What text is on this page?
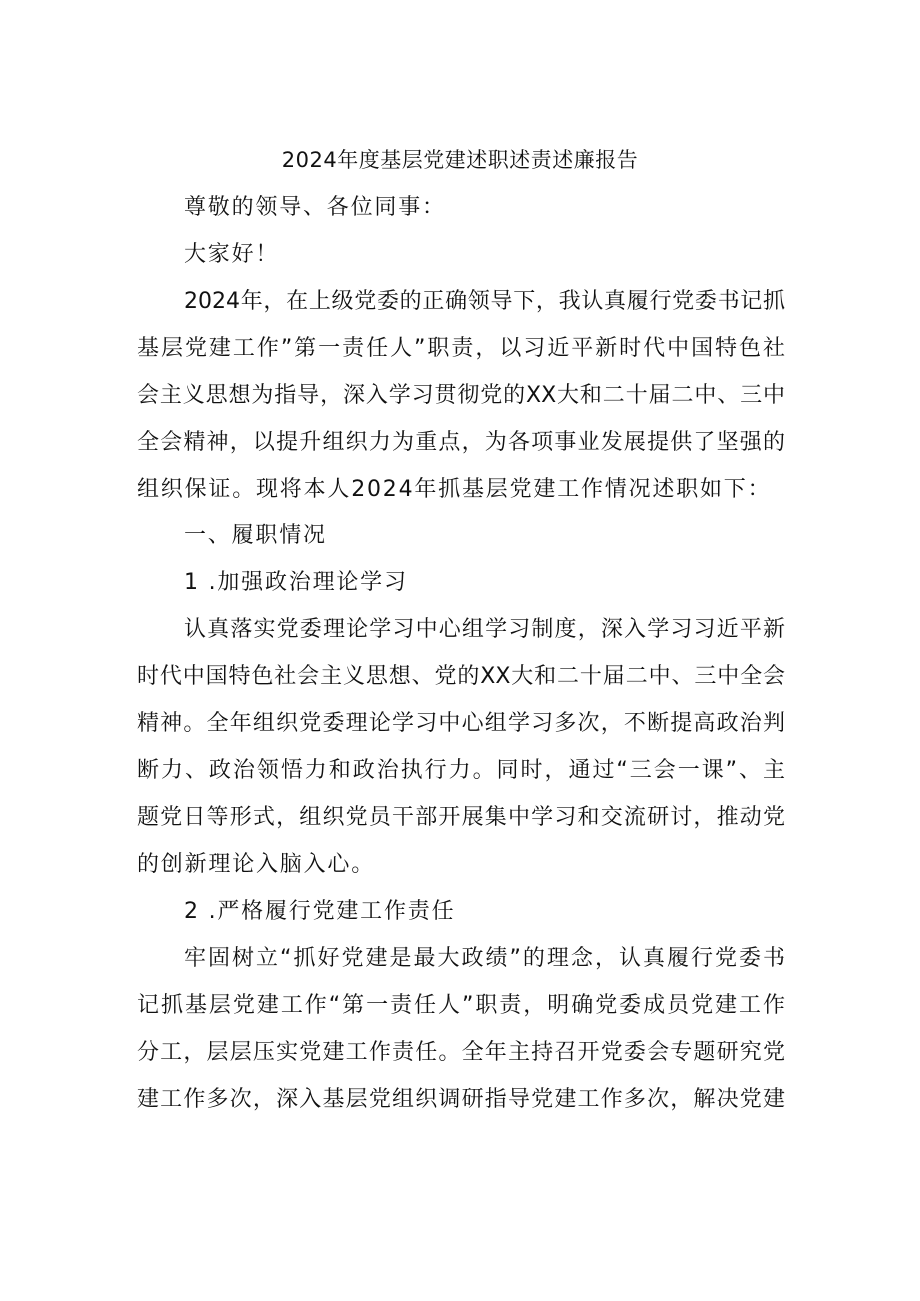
2024年度基层党建述职述责述廉报告
尊敬的领导、各位同事：
大家好！
2024年，在上级党委的正确领导下，我认真履行党委书记抓
基层党建工作”第一责任人”职责，以习近平新时代中国特色社
会主义思想为指导，深入学习贯彻党的XX大和二十届二中、三中
全会精神，以提升组织力为重点，为各项事业发展提供了坚强的
组织保证。现将本人2024年抓基层党建工作情况述职如下：
一、履职情况
1 .加强政治理论学习
认真落实党委理论学习中心组学习制度，深入学习习近平新
时代中国特色社会主义思想、党的XX大和二十届二中、三中全会
精神。全年组织党委理论学习中心组学习多次，不断提高政治判
断力、政治领悟力和政治执行力。同时，通过“三会一课”、主
题党日等形式，组织党员干部开展集中学习和交流研讨，推动党
的创新理论入脑入心。
2 .严格履行党建工作责任
牢固树立“抓好党建是最大政绩”的理念，认真履行党委书
记抓基层党建工作“第一责任人”职责，明确党委成员党建工作
分工，层层压实党建工作责任。全年主持召开党委会专题研究党
建工作多次，深入基层党组织调研指导党建工作多次，解决党建
